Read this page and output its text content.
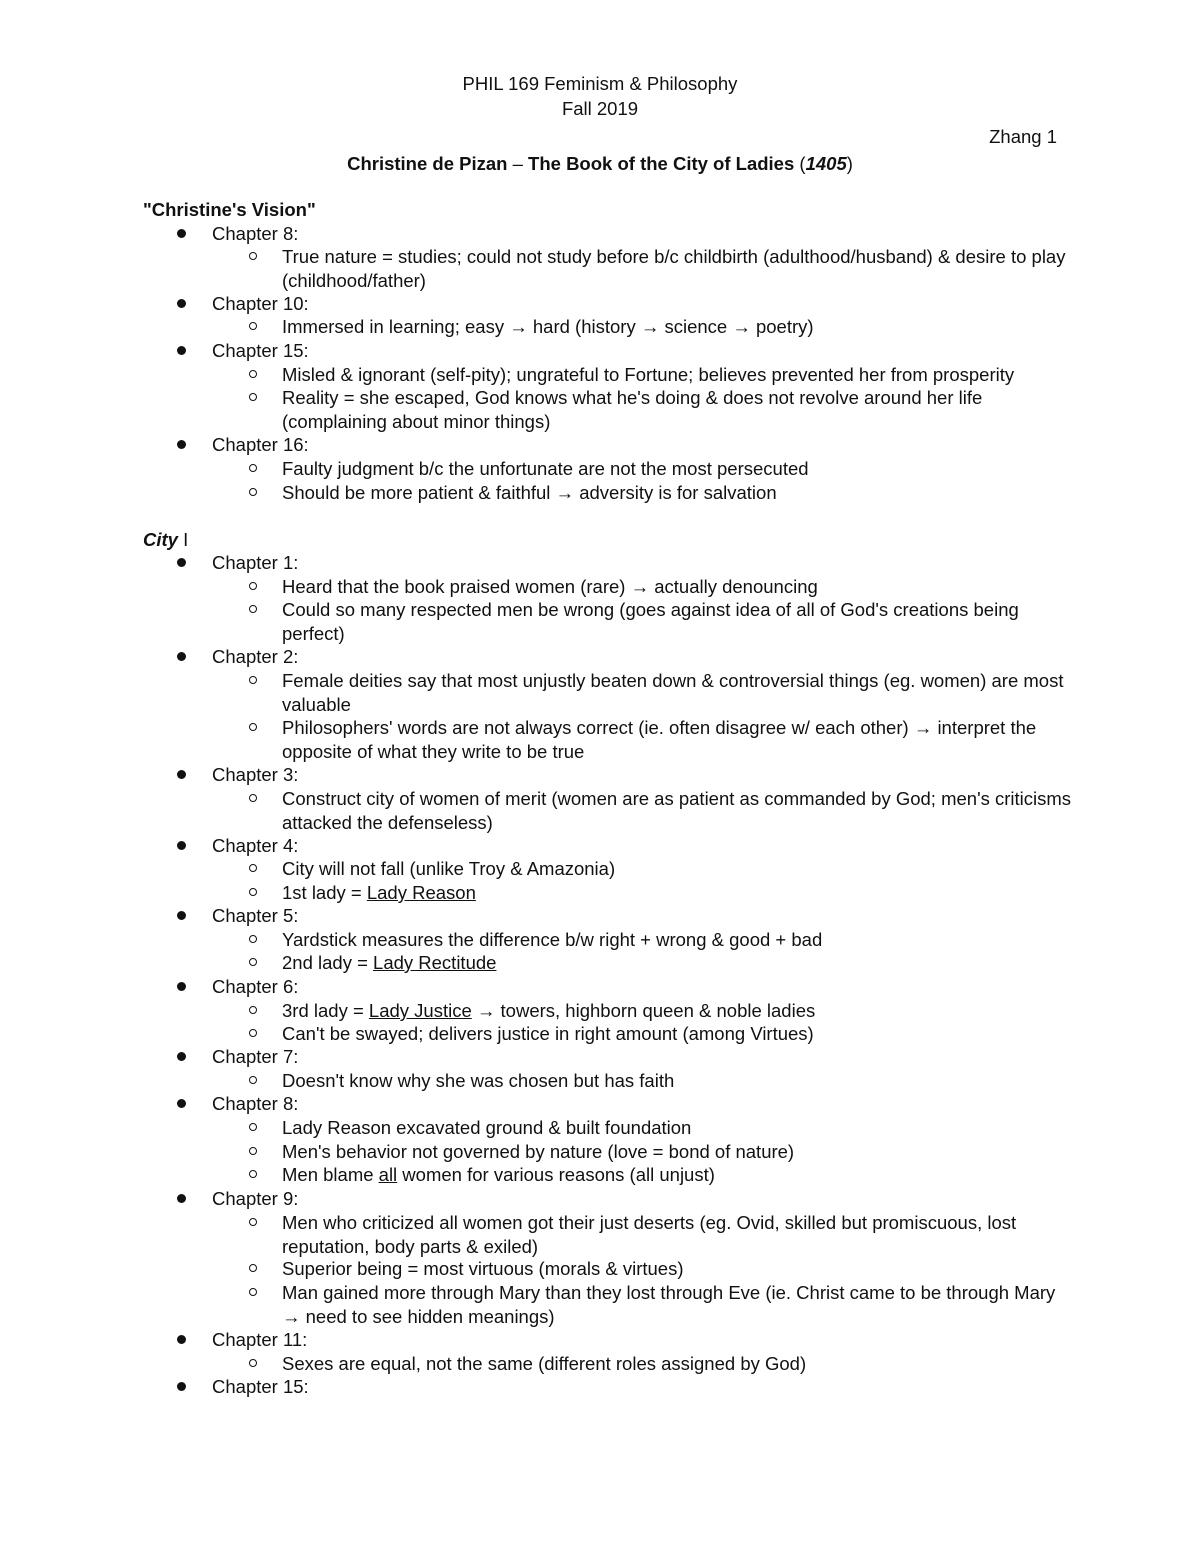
PHIL 169 Feminism & Philosophy
Fall 2019
Zhang 1
Christine de Pizan – The Book of the City of Ladies (1405)
"Christine's Vision"
Chapter 8:
True nature = studies; could not study before b/c childbirth (adulthood/husband) & desire to play (childhood/father)
Chapter 10:
Immersed in learning; easy → hard (history → science → poetry)
Chapter 15:
Misled & ignorant (self-pity); ungrateful to Fortune; believes prevented her from prosperity
Reality = she escaped, God knows what he's doing & does not revolve around her life (complaining about minor things)
Chapter 16:
Faulty judgment b/c the unfortunate are not the most persecuted
Should be more patient & faithful → adversity is for salvation
City I
Chapter 1:
Heard that the book praised women (rare) → actually denouncing
Could so many respected men be wrong (goes against idea of all of God's creations being perfect)
Chapter 2:
Female deities say that most unjustly beaten down & controversial things (eg. women) are most valuable
Philosophers' words are not always correct (ie. often disagree w/ each other) → interpret the opposite of what they write to be true
Chapter 3:
Construct city of women of merit (women are as patient as commanded by God; men's criticisms attacked the defenseless)
Chapter 4:
City will not fall (unlike Troy & Amazonia)
1st lady = Lady Reason
Chapter 5:
Yardstick measures the difference b/w right + wrong & good + bad
2nd lady = Lady Rectitude
Chapter 6:
3rd lady = Lady Justice → towers, highborn queen & noble ladies
Can't be swayed; delivers justice in right amount (among Virtues)
Chapter 7:
Doesn't know why she was chosen but has faith
Chapter 8:
Lady Reason excavated ground & built foundation
Men's behavior not governed by nature (love = bond of nature)
Men blame all women for various reasons (all unjust)
Chapter 9:
Men who criticized all women got their just deserts (eg. Ovid, skilled but promiscuous, lost reputation, body parts & exiled)
Superior being = most virtuous (morals & virtues)
Man gained more through Mary than they lost through Eve (ie. Christ came to be through Mary → need to see hidden meanings)
Chapter 11:
Sexes are equal, not the same (different roles assigned by God)
Chapter 15:
